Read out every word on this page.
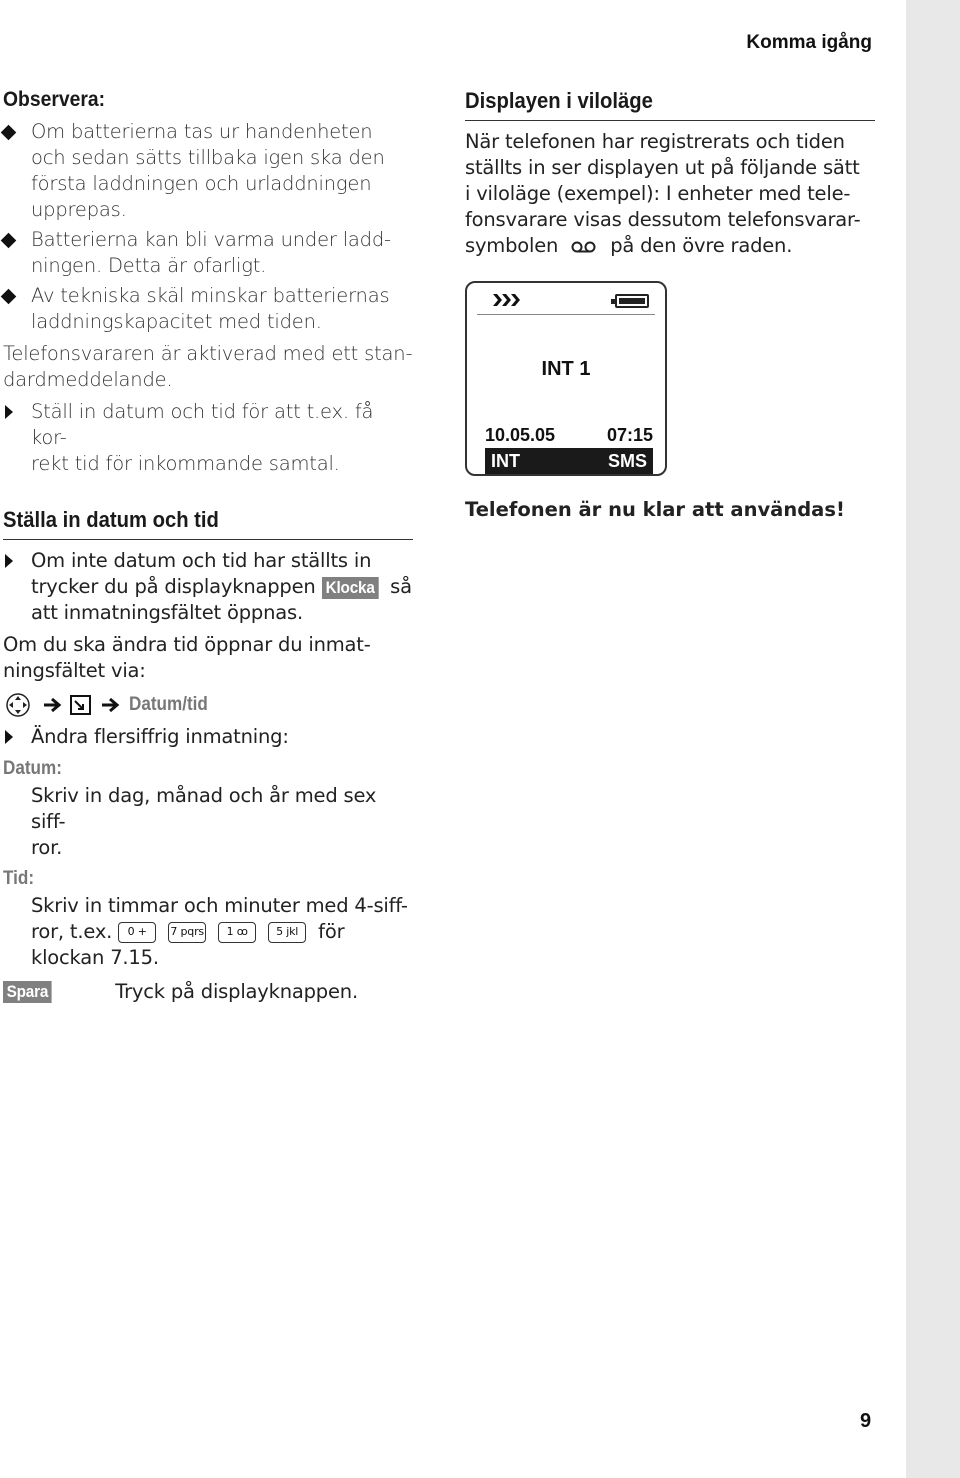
Komma igång
Observera:
Om batterierna tas ur handenheten
och sedan sätts tillbaka igen ska den
första laddningen och urladdningen
upprepas.
Batterierna kan bli varma under ladd-
ningen. Detta är ofarligt.
Av tekniska skäl minskar batteriernas
laddningskapacitet med tiden.
Telefonsvararen är aktiverad med ett stan-
dardmeddelande.
Ställ in datum och tid för att t.ex. få kor-
rekt tid för inkommande samtal.
Ställa in datum och tid
Om inte datum och tid har ställts in
trycker du på displayknappen Klocka så
att inmatningsfältet öppnas.
Om du ska ändra tid öppnar du inmat-
ningsfältet via:
Datum/tid
Ändra flersiffrig inmatning:
Datum:
Skriv in dag, månad och år med sex siff-
ror.
Tid:
Skriv in timmar och minuter med 4-siff-
ror, t.ex. 0 + 7 pqrs 1 ꝏ	5 jkl för
klockan 7.15.
Spara	Tryck på displayknappen.
Displayen i viloläge
När telefonen har registrerats och tiden
ställts in ser displayen ut på följande sätt
i viloläge (exempel): I enheter med tele-
fonsvarare visas dessutom telefonsvarar-
symbolen	på den övre raden.
INT 1
10.05.05	07:15
INT	SMS
Telefonen är nu klar att användas!
9
